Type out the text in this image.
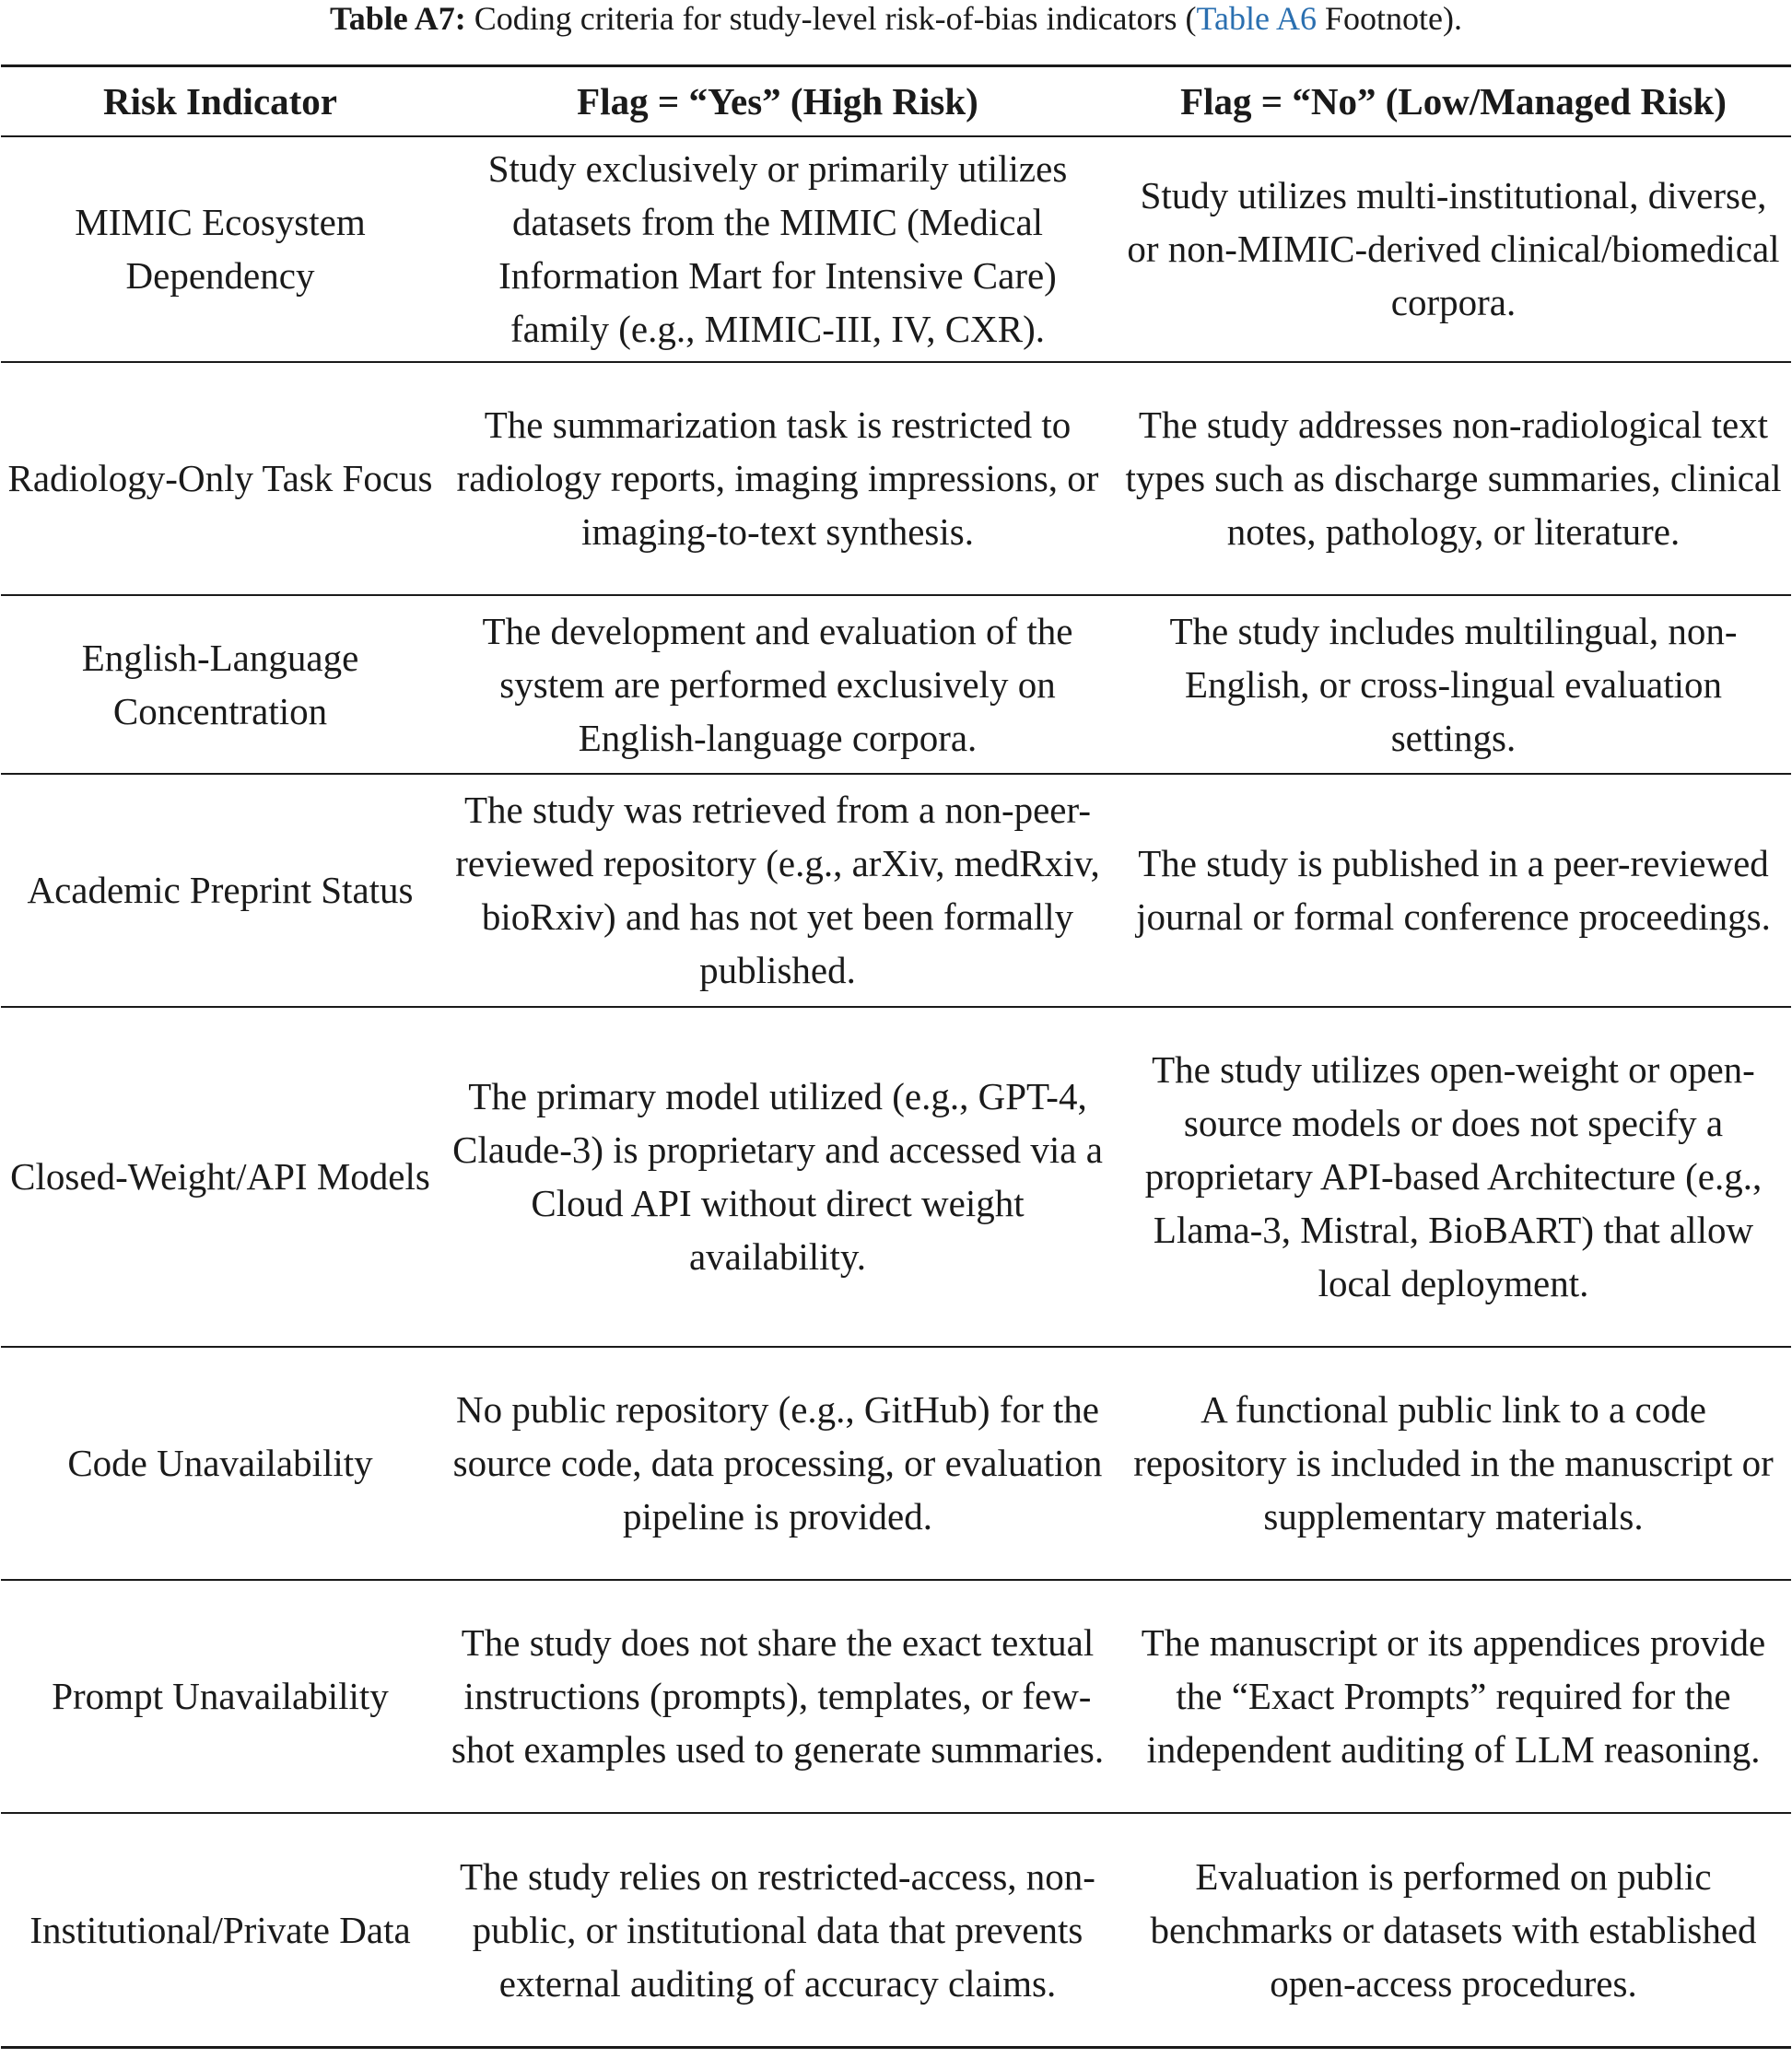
Table A7: Coding criteria for study-level risk-of-bias indicators (Table A6 Footnote).
Risk Indicator	Flag = “Yes” (High Risk)	Flag = “No” (Low/Managed Risk)
MIMIC Ecosystem Dependency	Study exclusively or primarily utilizes datasets from the MIMIC (Medical Information Mart for Intensive Care) family (e.g., MIMIC-III, IV, CXR).	Study utilizes multi-institutional, diverse, or non-MIMIC-derived clinical/biomedical corpora.
Radiology-Only Task Focus	The summarization task is restricted to radiology reports, imaging impressions, or imaging-to-text synthesis.	The study addresses non-radiological text types such as discharge summaries, clinical notes, pathology, or literature.
English-Language Concentration	The development and evaluation of the system are performed exclusively on English-language corpora.	The study includes multilingual, non-English, or cross-lingual evaluation settings.
Academic Preprint Status	The study was retrieved from a non-peer-reviewed repository (e.g., arXiv, medRxiv, bioRxiv) and has not yet been formally published.	The study is published in a peer-reviewed journal or formal conference proceedings.
Closed-Weight/API Models	The primary model utilized (e.g., GPT-4, Claude-3) is proprietary and accessed via a Cloud API without direct weight availability.	The study utilizes open-weight or open-source models or does not specify a proprietary API-based Architecture (e.g., Llama-3, Mistral, BioBART) that allow local deployment.
Code Unavailability	No public repository (e.g., GitHub) for the source code, data processing, or evaluation pipeline is provided.	A functional public link to a code repository is included in the manuscript or supplementary materials.
Prompt Unavailability	The study does not share the exact textual instructions (prompts), templates, or few-shot examples used to generate summaries.	The manuscript or its appendices provide the “Exact Prompts” required for the independent auditing of LLM reasoning.
Institutional/Private Data	The study relies on restricted-access, non-public, or institutional data that prevents external auditing of accuracy claims.	Evaluation is performed on public benchmarks or datasets with established open-access procedures.
